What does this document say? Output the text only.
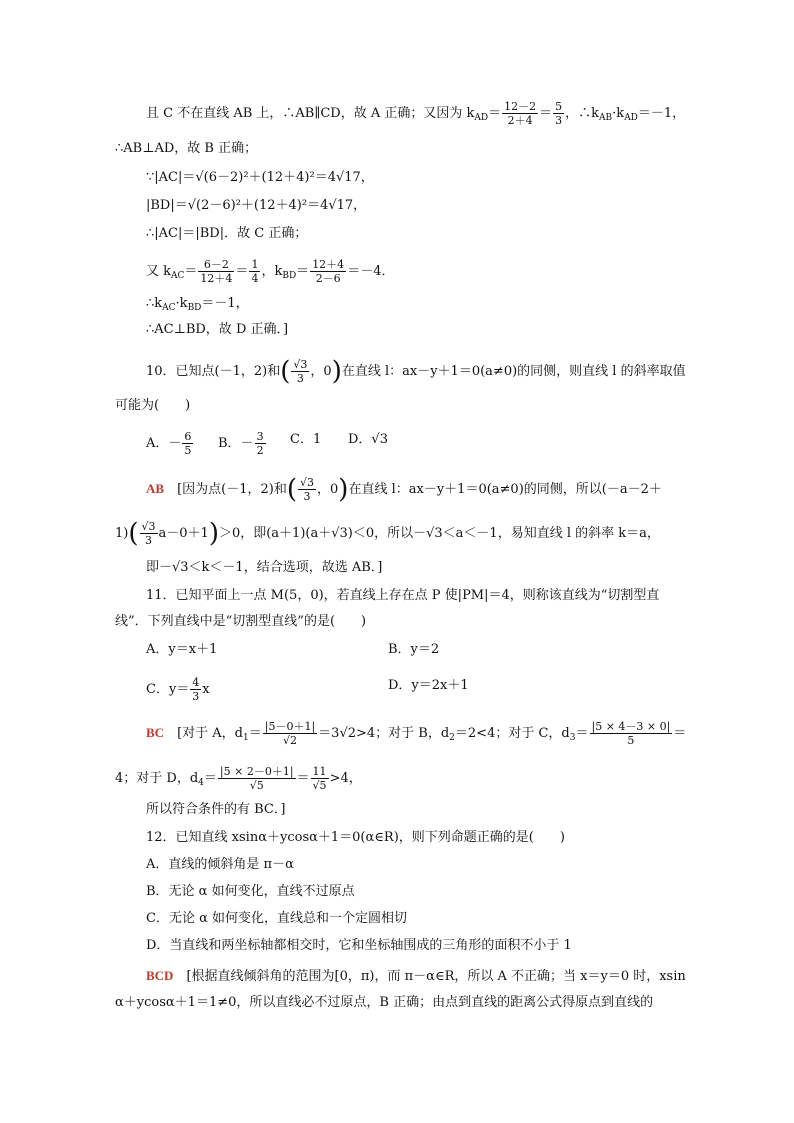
且 C 不在直线 AB 上，∴AB∥CD，故 A 正确；又因为 $k_{AD}= \frac{12-2}{2+4} = \frac{5}{3}$ ，$\therefore k_{AB}\cdot k_{AD}=-1$，
∴AB⊥AD，故 B 正确；
∵|AC|＝√(6－2)²＋(12＋4)²＝4√17，
|BD|＝√(2－6)²＋(12＋4)²＝4√17，
∴|AC|＝|BD|．故 C 正确；
又 $k_{AC}= \frac{6-2}{12+4} = \frac{1}{4}$ ，$k_{BD}= \frac{12+4}{2-6} =-4$．
$\therefore k_{AC}\cdot k_{BD}=-1$，
∴AC⊥BD，故 D 正确．]
10．已知点(－1，2)和( $\frac{√3}{3}$ ，0)在直线 l：ax－y＋1＝0(a≠0)的同侧，则直线 l 的斜率取值
可能为(　　)
A．－ $\frac{6}{5}$ B．－ $\frac{3}{2}$ C．1 D．√3
AB　 [因为点(－1，2)和( $\frac{√3}{3}$ ，0)在直线 l：ax－y＋1＝0(a≠0)的同侧，所以(－a－2＋
$1)( \frac{√3}{3} a-0+1)>0$，即(a＋1)(a＋√3)＜0，所以－√3＜a＜－1，易知直线 l 的斜率 k＝a，
即－√3＜k＜－1，结合选项，故选 AB．]
11．已知平面上一点 M(5，0)，若直线上存在点 P 使|PM|＝4，则称该直线为“切割型直
线”．下列直线中是“切割型直线”的是(　　)
A．y＝x＋1	B．y＝2
C．$y= \frac{4}{3}$ x	D．y＝2x＋1
BC　 [对于 A，$d_1= \frac{|5-0+1|}{√2} =3√2>4$；对于 B，$d_2=2<4$；对于 C，$d_3= \frac{|5 \times 4-3 \times 0|}{5}$ ＝
4；对于 D，$d_4= \frac{|5 \times 2-0+1|}{√5} = \frac{11}{√5} >4$，
所以符合条件的有 BC．]
12．已知直线 xsinα＋ycosα＋1＝0(α∈R)，则下列命题正确的是(　　)
A．直线的倾斜角是 π－α
B．无论 α 如何变化，直线不过原点
C．无论 α 如何变化，直线总和一个定圆相切
D．当直线和两坐标轴都相交时，它和坐标轴围成的三角形的面积不小于 1
BCD　 [根据直线倾斜角的范围为[0，π)，而 π－α∈R，所以 A 不正确；当 x＝y＝0 时，xsin
α＋ycosα＋1＝1≠0，所以直线必不过原点，B 正确；由点到直线的距离公式得原点到直线的
